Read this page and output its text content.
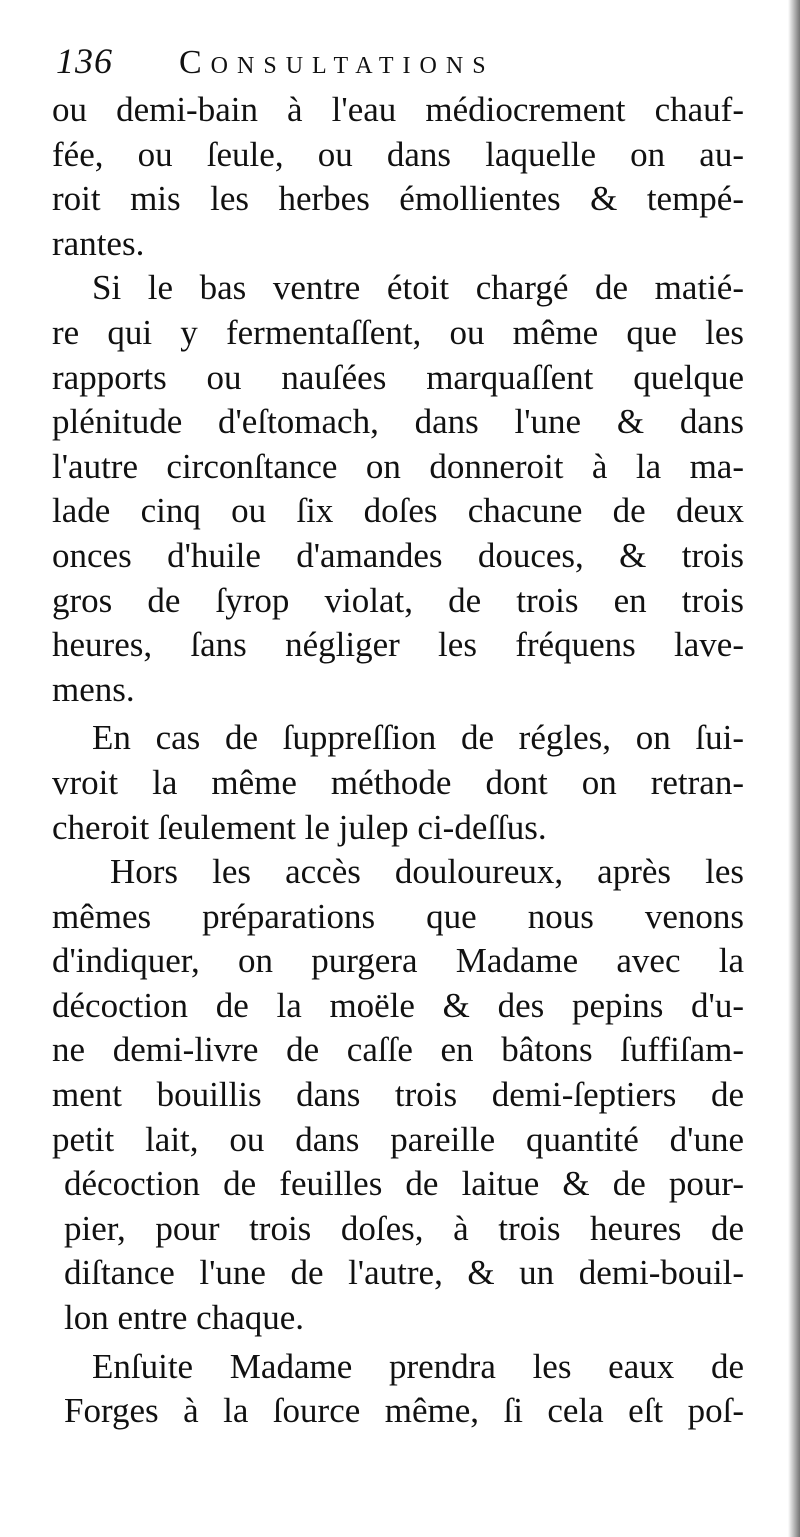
136 Consultations
ou demi-bain à l'eau médiocrement chauf-
fée, ou ſeule, ou dans laquelle on au-
roit mis les herbes émollientes & tempé-
rantes.
Si le bas ventre étoit chargé de matié-
re qui y fermentaſſent, ou même que les
rapports ou nauſées marquaſſent quelque
plénitude d'eſtomach, dans l'une & dans
l'autre circonſtance on donneroit à la ma-
lade cinq ou ſix doſes chacune de deux
onces d'huile d'amandes douces, & trois
gros de ſyrop violat, de trois en trois
heures, ſans négliger les fréquens lave-
mens.
En cas de ſuppreſſion de régles, on ſui-
vroit la même méthode dont on retran-
cheroit ſeulement le julep ci-deſſus.
Hors les accès douloureux, après les
mêmes préparations que nous venons
d'indiquer, on purgera Madame avec la
décoction de la moële & des pepins d'u-
ne demi-livre de caſſe en bâtons ſuffiſam-
ment bouillis dans trois demi-ſeptiers de
petit lait, ou dans pareille quantité d'une
décoction de feuilles de laitue & de pour-
pier, pour trois doſes, à trois heures de
diſtance l'une de l'autre, & un demi-bouil-
lon entre chaque.
Enſuite Madame prendra les eaux de
Forges à la ſource même, ſi cela eſt poſ-
